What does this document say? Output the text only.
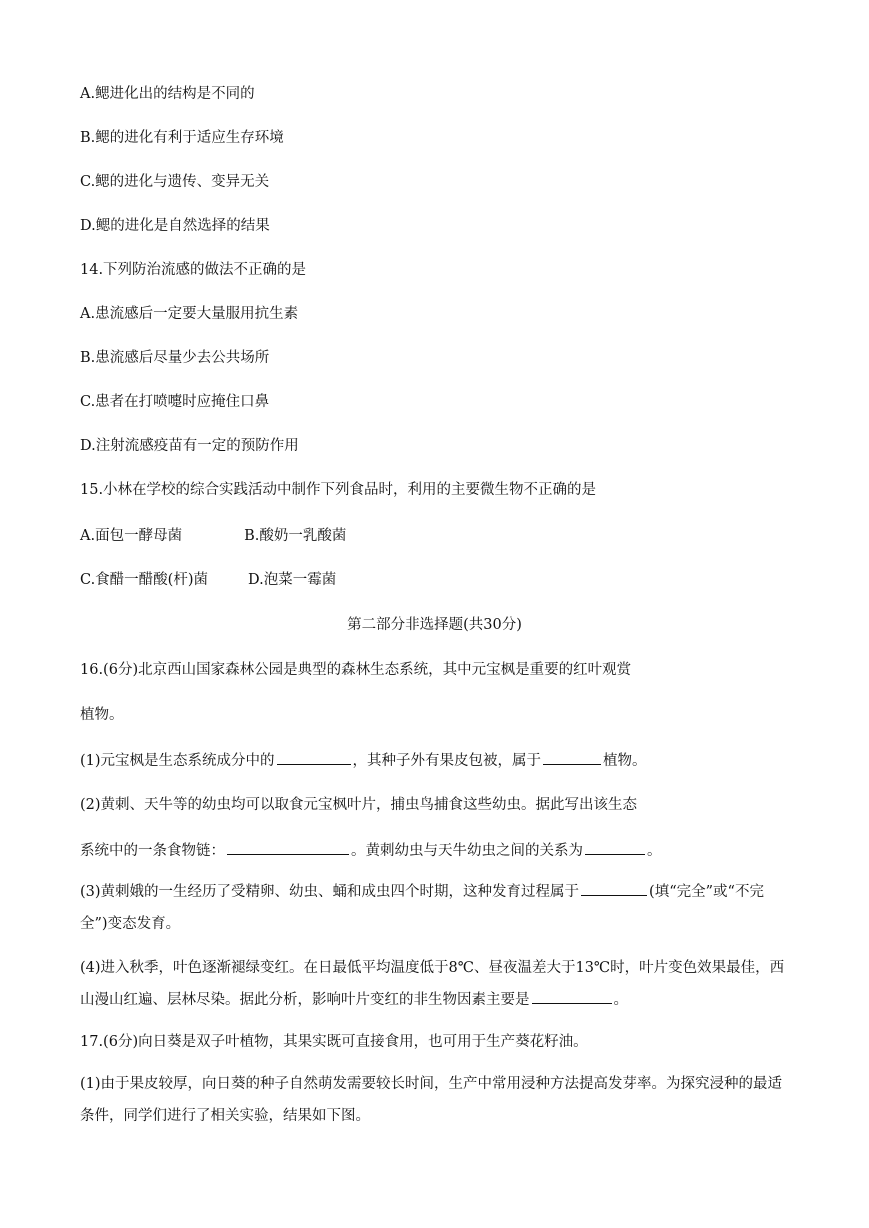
A.鳃进化出的结构是不同的
B.鳃的进化有利于适应生存环境
C.鳃的进化与遗传、变异无关
D.鳃的进化是自然选择的结果
14.下列防治流感的做法不正确的是
A.患流感后一定要大量服用抗生素
B.患流感后尽量少去公共场所
C.患者在打喷嚏时应掩住口鼻
D.注射流感疫苗有一定的预防作用
15.小林在学校的综合实践活动中制作下列食品时，利用的主要微生物不正确的是
A.面包一酵母菌	B.酸奶一乳酸菌
C.食醋一醋酸(杆)菌	D.泡菜一霉菌
第二部分非选择题(共30分)
16.(6分)北京西山国家森林公园是典型的森林生态系统，其中元宝枫是重要的红叶观赏
植物。
(1)元宝枫是生态系统成分中的	，其种子外有果皮包被，属于	植物。
(2)黄刺、天牛等的幼虫均可以取食元宝枫叶片，捕虫鸟捕食这些幼虫。据此写出该生态
系统中的一条食物链：	。黄刺幼虫与天牛幼虫之间的关系为	。
(3)黄刺娥的一生经历了受精卵、幼虫、蛹和成虫四个时期，这种发育过程属于	(填“完全”或“不完全”)变态发育。
(4)进入秋季，叶色逐渐褪绿变红。在日最低平均温度低于8℃、昼夜温差大于13℃时，叶片变色效果最佳，西山漫山红遍、层林尽染。据此分析，影响叶片变红的非生物因素主要是	。
17.(6分)向日葵是双子叶植物，其果实既可直接食用，也可用于生产葵花籽油。
(1)由于果皮较厚，向日葵的种子自然萌发需要较长时间，生产中常用浸种方法提高发芽率。为探究浸种的最适条件，同学们进行了相关实验，结果如下图。
